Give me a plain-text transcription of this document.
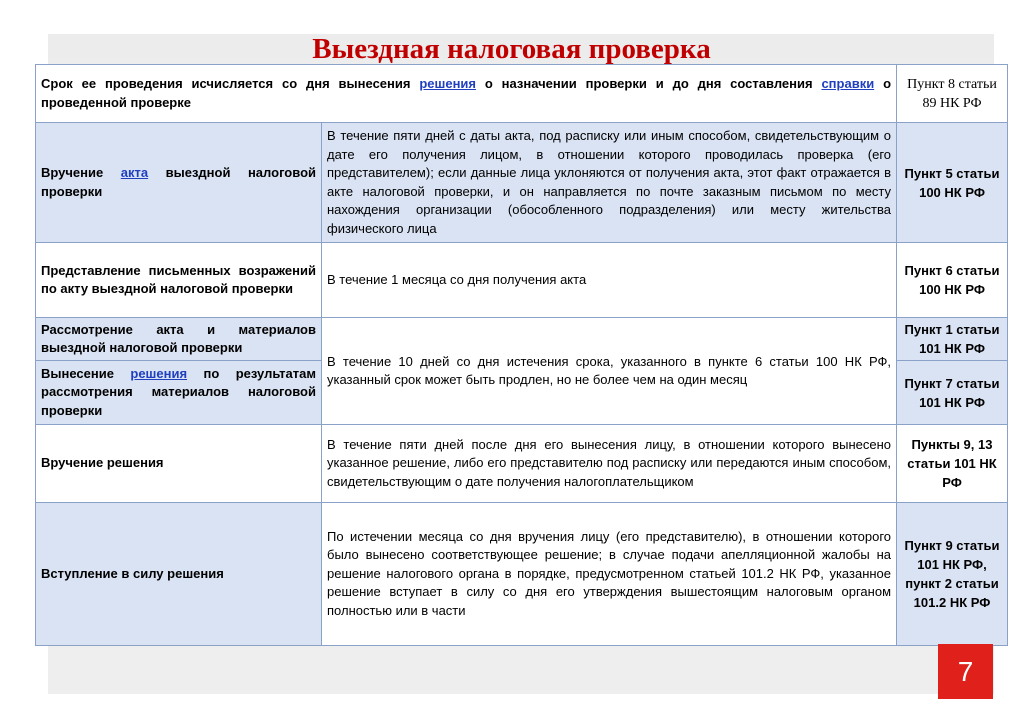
Выездная налоговая проверка
Срок ее проведения исчисляется со дня вынесения решения о назначении проверки и до дня составления справки о проведенной проверке		Пункт 8 статьи 89 НК РФ
Вручение акта выездной налоговой проверки	В течение пяти дней с даты акта, под расписку или иным способом, свидетельствующим о дате его получения лицом, в отношении которого проводилась проверка (его представителем); если данные лица уклоняются от получения акта, этот факт отражается в акте налоговой проверки, и он направляется по почте заказным письмом по месту нахождения организации (обособленного подразделения) или месту жительства физического лица	Пункт 5 статьи 100 НК РФ
Представление письменных возражений по акту выездной налоговой проверки	В течение 1 месяца со дня получения акта	Пункт 6 статьи 100 НК РФ
Рассмотрение акта и материалов выездной налоговой проверки	В течение 10 дней со дня истечения срока, указанного в пункте 6 статьи 100 НК РФ, указанный срок может быть продлен, но не более чем на один месяц	Пункт 1 статьи 101 НК РФ
Вынесение решения по результатам рассмотрения материалов налоговой проверки		Пункт 7 статьи 101 НК РФ
Вручение решения	В течение пяти дней после дня его вынесения лицу, в отношении которого вынесено указанное решение, либо его представителю под расписку или передаются иным способом, свидетельствующим о дате получения налогоплательщиком	Пункты 9, 13 статьи 101 НК РФ
Вступление в силу решения	По истечении месяца со дня вручения лицу (его представителю), в отношении которого было вынесено соответствующее решение; в случае подачи апелляционной жалобы на решение налогового органа в порядке, предусмотренном статьей 101.2 НК РФ, указанное решение вступает в силу со дня его утверждения вышестоящим налоговым органом полностью или в части	Пункт 9 статьи 101 НК РФ, пункт 2 статьи 101.2 НК РФ
7
